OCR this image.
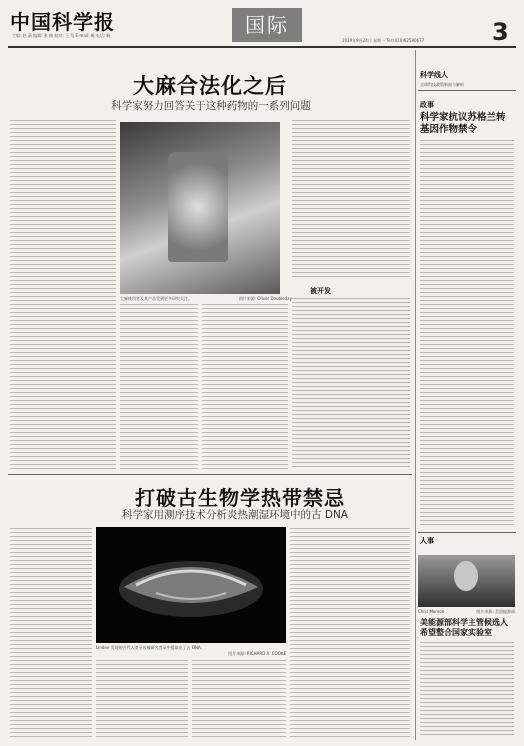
中国科学报
主编: 赵 菡 编辑: 张 楠 校对: 王 昊 E-mail: 略 电话: 略	国际
2019年9月24日 星期一 Tel:(010)62580677	3
大麻合法化之后
科学家努力回答关于这种药物的一系列问题
大麻使用者及其产品受到更多研究关注。	图片来源: Oliver Doubleday
被开发
打破古生物学热带禁忌
科学家用测序技术分析炎热潮湿环境中的古 DNA
Linden 发现的古代人类牙齿被研究者从中提取出了古 DNA。
图片来源: RICHARD A. COOKE
科学线人
全球科技政策新闻与解析
政事
科学家抗议苏格兰转基因作物禁令
人事
Chris Monroe	图片来源: 美国能源部
美能源部科学主管候选人希望整合国家实验室
